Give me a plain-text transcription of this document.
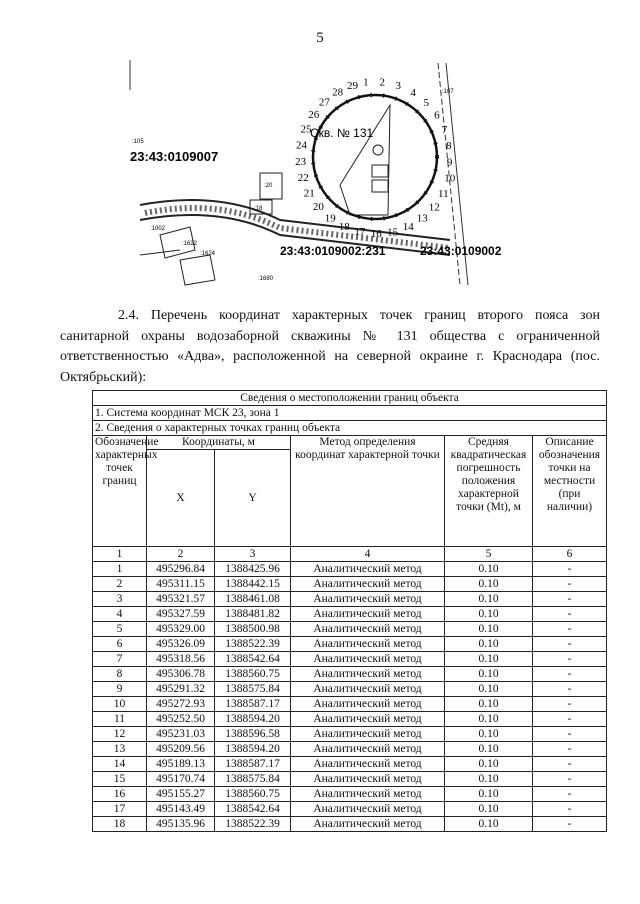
5
Скв. № 131
23:43:0109007
23:43:0109002:231	23:43:0109002
:105
:20
:18
:1002
:1622
:1624
:1680
:107
1 2 3
4
5
6
7
8
9
10
11
12
13
14
15
16
17
18
19
20
21
22
23
24
25
26
27
28
29
2.4. Перечень координат характерных точек границ второго пояса зон санитарной охраны водозаборной скважины № 131 общества с ограниченной ответственностью «Адва», расположенной на северной окраине г. Краснодара (пос. Октябрьский):
Сведения о местоположении границ объекта					
1. Система координат МСК 23, зона 1					
2. Сведения о характерных точках границ объекта					
Обозначение характерных точек границ	Координаты, м		Метод определения координат характерной точки	Средняя квадратическая погрешность положения характерной точки (Mt), м	Описание обозначения точки на местности (при наличии)
	X	Y			
1	2	3	4	5	6
1	495296.84	1388425.96	Аналитический метод	0.10	-
2	495311.15	1388442.15	Аналитический метод	0.10	-
3	495321.57	1388461.08	Аналитический метод	0.10	-
4	495327.59	1388481.82	Аналитический метод	0.10	-
5	495329.00	1388500.98	Аналитический метод	0.10	-
6	495326.09	1388522.39	Аналитический метод	0.10	-
7	495318.56	1388542.64	Аналитический метод	0.10	-
8	495306.78	1388560.75	Аналитический метод	0.10	-
9	495291.32	1388575.84	Аналитический метод	0.10	-
10	495272.93	1388587.17	Аналитический метод	0.10	-
11	495252.50	1388594.20	Аналитический метод	0.10	-
12	495231.03	1388596.58	Аналитический метод	0.10	-
13	495209.56	1388594.20	Аналитический метод	0.10	-
14	495189.13	1388587.17	Аналитический метод	0.10	-
15	495170.74	1388575.84	Аналитический метод	0.10	-
16	495155.27	1388560.75	Аналитический метод	0.10	-
17	495143.49	1388542.64	Аналитический метод	0.10	-
18	495135.96	1388522.39	Аналитический метод	0.10	-
